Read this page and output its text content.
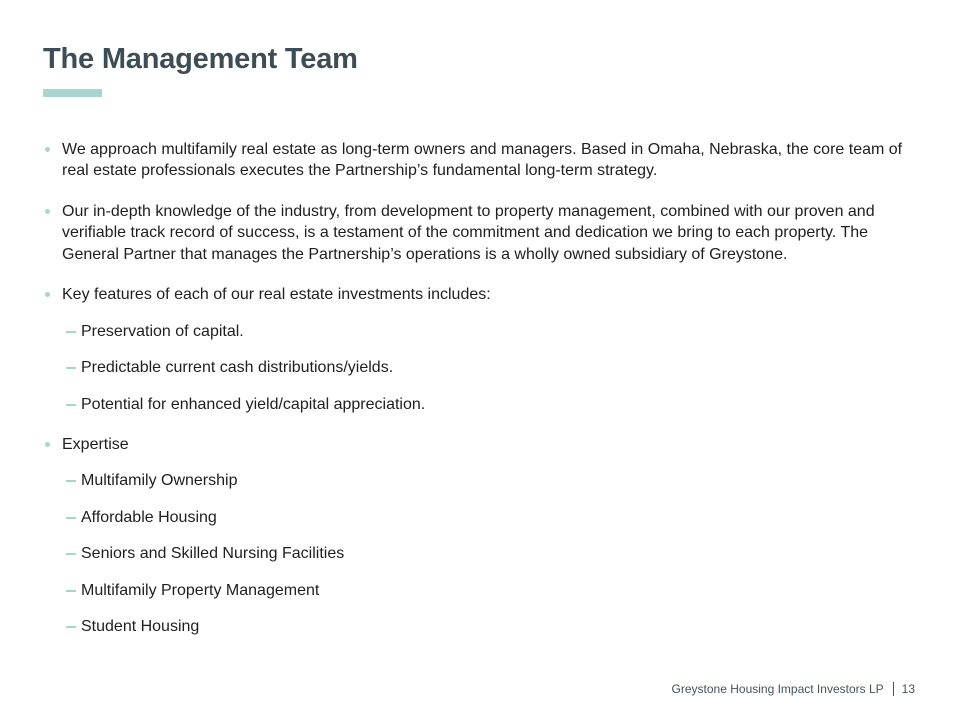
The Management Team
We approach multifamily real estate as long-term owners and managers. Based in Omaha, Nebraska, the core team of real estate professionals executes the Partnership’s fundamental long-term strategy.
Our in-depth knowledge of the industry, from development to property management, combined with our proven and verifiable track record of success, is a testament of the commitment and dedication we bring to each property. The General Partner that manages the Partnership’s operations is a wholly owned subsidiary of Greystone.
Key features of each of our real estate investments includes:
Preservation of capital.
Predictable current cash distributions/yields.
Potential for enhanced yield/capital appreciation.
Expertise
Multifamily Ownership
Affordable Housing
Seniors and Skilled Nursing Facilities
Multifamily Property Management
Student Housing
Greystone Housing Impact Investors LP 13
